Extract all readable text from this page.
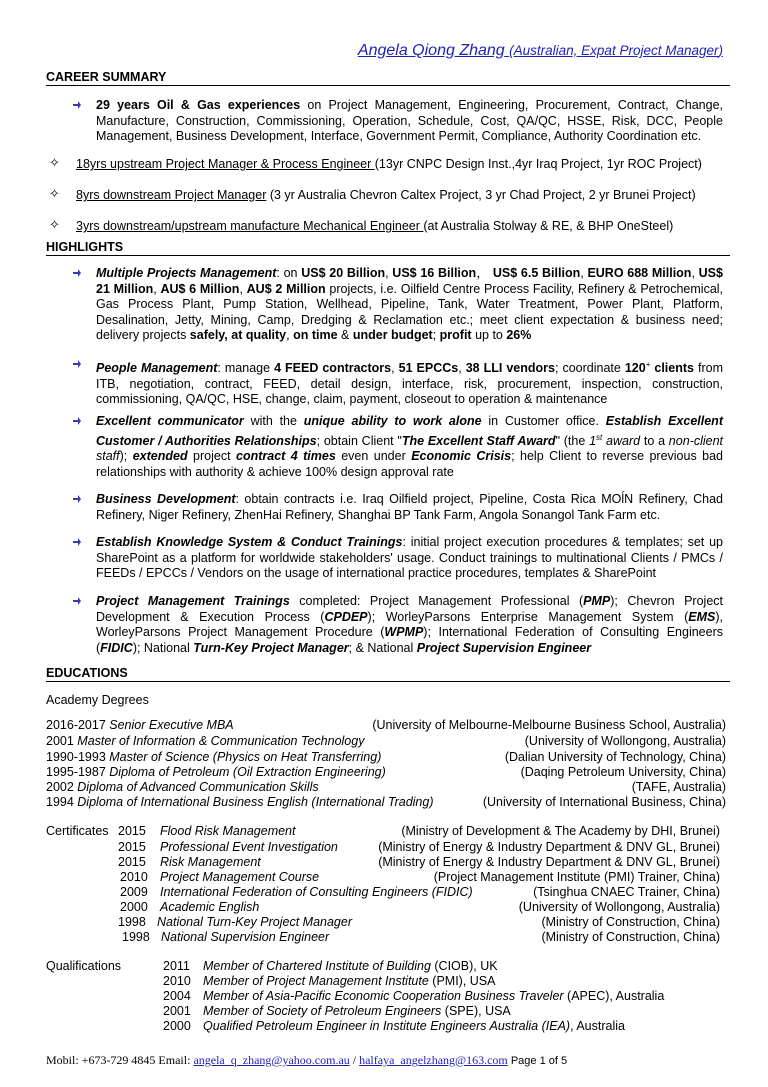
Angela Qiong Zhang (Australian, Expat Project Manager)
CAREER SUMMARY
29 years Oil & Gas experiences on Project Management, Engineering, Procurement, Contract, Change, Manufacture, Construction, Commissioning, Operation, Schedule, Cost, QA/QC, HSSE, Risk, DCC, People Management, Business Development, Interface, Government Permit, Compliance, Authority Coordination etc.
✧ 18yrs upstream Project Manager & Process Engineer (13yr CNPC Design Inst.,4yr Iraq Project, 1yr ROC Project)
✧ 8yrs downstream Project Manager (3 yr Australia Chevron Caltex Project, 3 yr Chad Project, 2 yr Brunei Project)
✧ 3yrs downstream/upstream manufacture Mechanical Engineer (at Australia Stolway & RE, & BHP OneSteel)
HIGHLIGHTS
Multiple Projects Management: on US$ 20 Billion, US$ 16 Billion， US$ 6.5 Billion, EURO 688 Million, US$ 21 Million, AU$ 6 Million, AU$ 2 Million projects, i.e. Oilfield Centre Process Facility, Refinery & Petrochemical, Gas Process Plant, Pump Station, Wellhead, Pipeline, Tank, Water Treatment, Power Plant, Platform, Desalination, Jetty, Mining, Camp, Dredging & Reclamation etc.; meet client expectation & business need; delivery projects safely, at quality, on time & under budget; profit up to 26%
People Management: manage 4 FEED contractors, 51 EPCCs, 38 LLI vendors; coordinate 120+ clients from ITB, negotiation, contract, FEED, detail design, interface, risk, procurement, inspection, construction, commissioning, QA/QC, HSE, change, claim, payment, closeout to operation & maintenance
Excellent communicator with the unique ability to work alone in Customer office. Establish Excellent Customer / Authorities Relationships; obtain Client "The Excellent Staff Award" (the 1st award to a non-client staff); extended project contract 4 times even under Economic Crisis; help Client to reverse previous bad relationships with authority & achieve 100% design approval rate
Business Development: obtain contracts i.e. Iraq Oilfield project, Pipeline, Costa Rica MOĺN Refinery, Chad Refinery, Niger Refinery, ZhenHai Refinery, Shanghai BP Tank Farm, Angola Sonangol Tank Farm etc.
Establish Knowledge System & Conduct Trainings: initial project execution procedures & templates; set up SharePoint as a platform for worldwide stakeholders' usage. Conduct trainings to multinational Clients / PMCs / FEEDs / EPCCs / Vendors on the usage of international practice procedures, templates & SharePoint
Project Management Trainings completed: Project Management Professional (PMP); Chevron Project Development & Execution Process (CPDEP); WorleyParsons Enterprise Management System (EMS), WorleyParsons Project Management Procedure (WPMP); International Federation of Consulting Engineers (FIDIC); National Turn-Key Project Manager; & National Project Supervision Engineer
EDUCATIONS
Academy Degrees
2016-2017 Senior Executive MBA	(University of Melbourne-Melbourne Business School, Australia)
2001 Master of Information & Communication Technology	(University of Wollongong, Australia)
1990-1993 Master of Science (Physics on Heat Transferring)	(Dalian University of Technology, China)
1995-1987 Diploma of Petroleum (Oil Extraction Engineering)	(Daqing Petroleum University, China)
2002 Diploma of Advanced Communication Skills	(TAFE, Australia)
1994 Diploma of International Business English (International Trading)	(University of International Business, China)
Certificates 2015 Flood Risk Management	(Ministry of Development & The Academy by DHI, Brunei)
2015 Professional Event Investigation	(Ministry of Energy & Industry Department & DNV GL, Brunei)
2015 Risk Management	(Ministry of Energy & Industry Department & DNV GL, Brunei)
2010 Project Management Course	(Project Management Institute (PMI) Trainer, China)
2009 International Federation of Consulting Engineers (FIDIC)	(Tsinghua CNAEC Trainer, China)
2000 Academic English	(University of Wollongong, Australia)
1998 National Turn-Key Project Manager	(Ministry of Construction, China)
1998 National Supervision Engineer	(Ministry of Construction, China)
Qualifications	2011 Member of Chartered Institute of Building (CIOB), UK
2010 Member of Project Management Institute (PMI), USA
2004 Member of Asia-Pacific Economic Cooperation Business Traveler (APEC), Australia
2001 Member of Society of Petroleum Engineers (SPE), USA
2000 Qualified Petroleum Engineer in Institute Engineers Australia (IEA), Australia
Mobil: +673-729 4845 Email: angela_q_zhang@yahoo.com.au / halfaya_angelzhang@163.com Page 1 of 5
